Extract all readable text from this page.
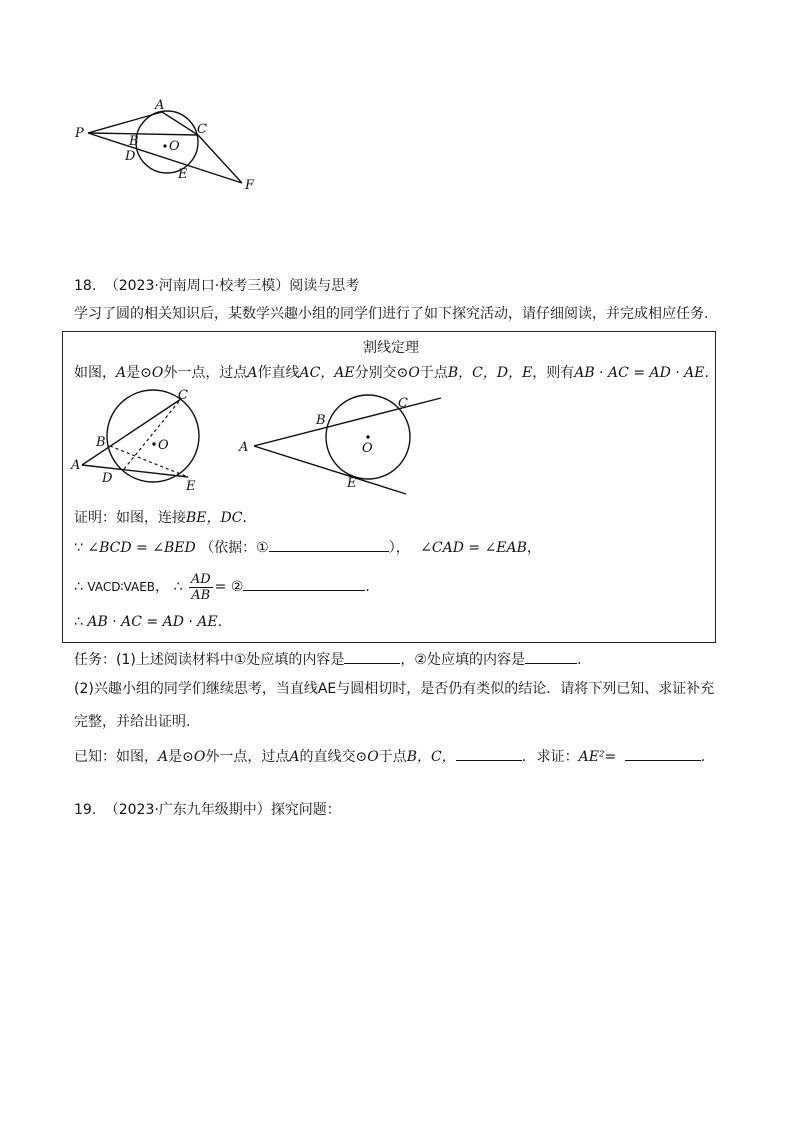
P
A
C
B
D
O
E
F
18. （2023·河南周口·校考三模）阅读与思考
学习了圆的相关知识后，某数学兴趣小组的同学们进行了如下探究活动，请仔细阅读，并完成相应任务.
割线定理
如图，A是⊙O外一点，过点A作直线AC，AE分别交⊙O于点B，C，D，E，则有AB · AC = AD · AE.
C
B	O
A
D
E
B
C
O
A
E
证明：如图，连接BE，DC.
∵ ∠BCD = ∠BED （依据：①	）， ∠CAD = ∠EAB，
∴ VACD∶VAEB， ∴ $\frac{AD}{AB}$ = ②	.
∴ AB · AC = AD · AE.
任务：(1)上述阅读材料中①处应填的内容是	，②处应填的内容是	.
(2)兴趣小组的同学们继续思考，当直线AE与圆相切时，是否仍有类似的结论．请将下列已知、求证补充
完整，并给出证明.
已知：如图，A是⊙O外一点，过点A的直线交⊙O于点B，C，	. 求证：AE²=	.
19. （2023·广东九年级期中）探究问题：
